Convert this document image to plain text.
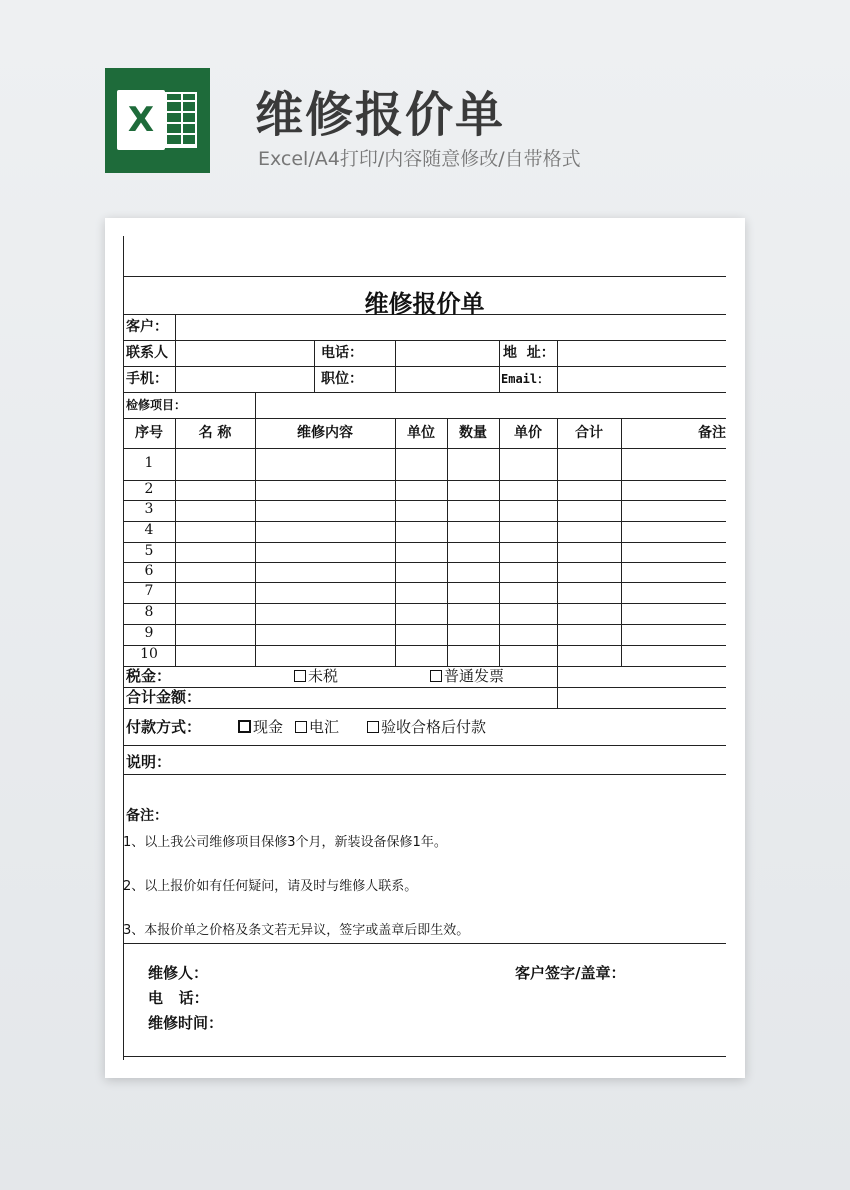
X 维修报价单
Excel/A4打印/内容随意修改/自带格式
维修报价单
客户：
联系人	电话：	地  址：
手机：	职位：	Email：
检修项目：
序号	名 称	维修内容	单位	数量	单价	合计	备注
1
2
3
4
5
6
7
8
9
10
税金：	未税	普通发票
合计金额：
付款方式：	现金	电汇	验收合格后付款
说明：
备注：
1、以上我公司维修项目保修3个月，新装设备保修1年。
2、以上报价如有任何疑问，请及时与维修人联系。
3、本报价单之价格及条文若无异议，签字或盖章后即生效。
维修人：	客户签字/盖章：
电   话：
维修时间：
